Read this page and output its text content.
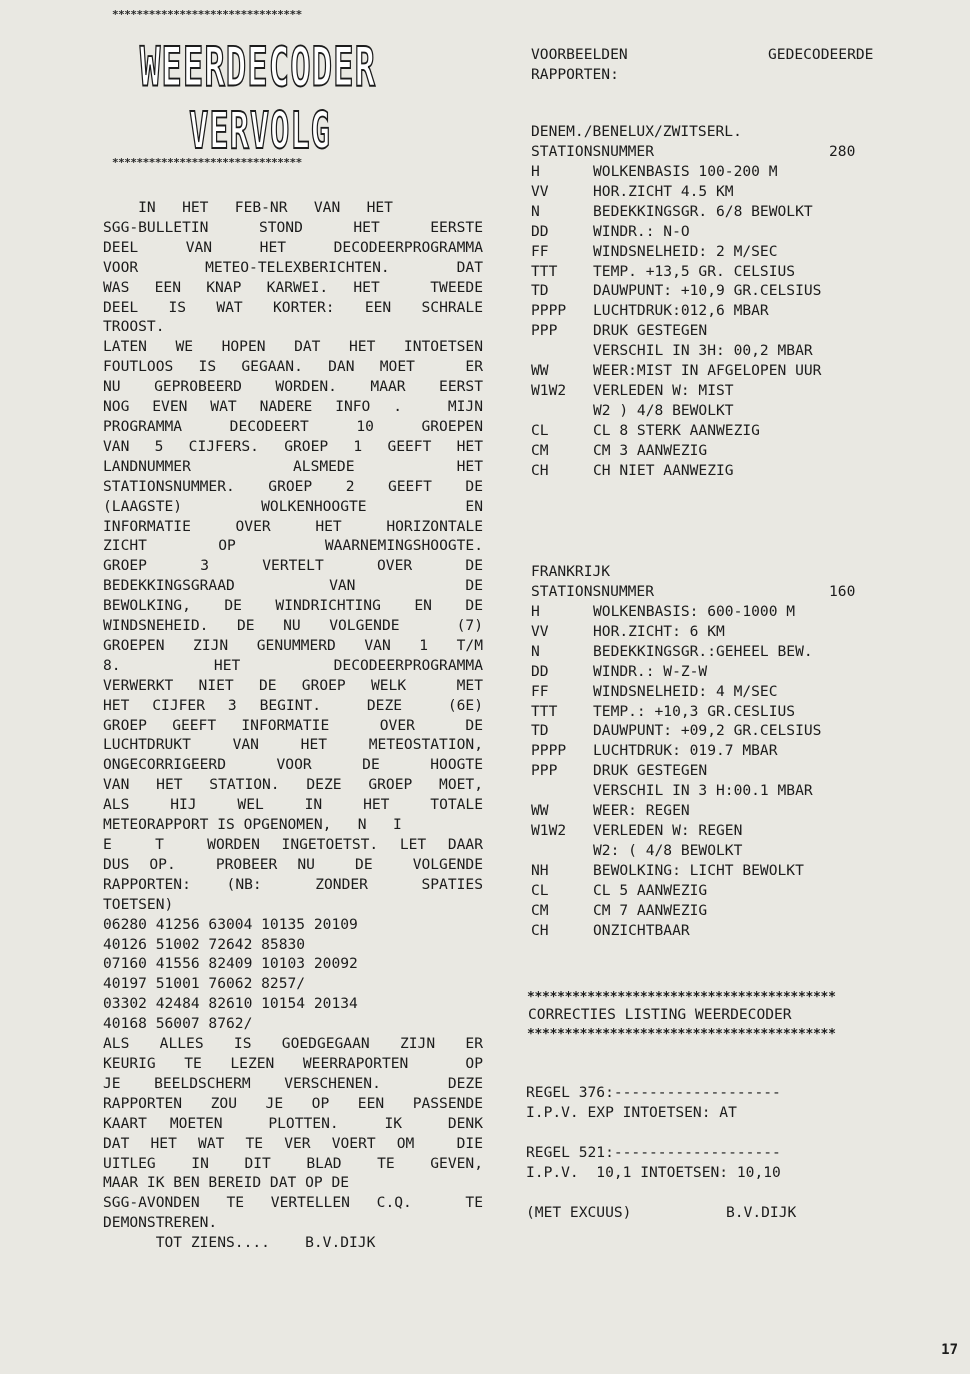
*******************************
WEERDECODER
VERVOLG
*******************************
IN   HET   FEB-NR   VAN   HET
SGG-BULLETIN  STOND  HET  EERSTE
DEEL VAN HET DECODEERPROGRAMMA
VOOR  METEO-TELEXBERICHTEN.  DAT
WAS EEN KNAP KARWEI. HET  TWEEDE
DEEL IS WAT KORTER: EEN SCHRALE
TROOST.
LATEN WE HOPEN DAT HET INTOETSEN
FOUTLOOS IS GEGAAN. DAN MOET  ER
NU GEPROBEERD WORDEN. MAAR EERST
NOG EVEN WAT NADERE INFO .  MIJN
PROGRAMMA DECODEERT 10 GROEPEN
VAN 5 CIJFERS. GROEP 1 GEEFT HET
LANDNUMMER      ALSMEDE      HET
STATIONSNUMMER. GROEP 2 GEEFT DE
(LAAGSTE)    WOLKENHOOGTE     EN
INFORMATIE OVER HET HORIZONTALE
ZICHT    OP     WAARNEMINGSHOOGTE.
GROEP    3    VERTELT    OVER    DE
BEDEKKINGSGRAAD      VAN       DE
BEWOLKING, DE WINDRICHTING EN DE
WINDSNEHEID. DE NU VOLGENDE  (7)
GROEPEN ZIJN GENUMMERD VAN 1 T/M
8.     HET     DECODEERPROGRAMMA
VERWERKT NIET DE GROEP WELK  MET
HET CIJFER 3 BEGINT.  DEZE  (6E)
GROEP GEEFT INFORMATIE  OVER  DE
LUCHTDRUKT VAN HET METEOSTATION,
ONGECORRIGEERD  VOOR  DE  HOOGTE
VAN HET STATION. DEZE GROEP MOET,
ALS HIJ WEL IN HET TOTALE
METEORAPPORT IS OPGENOMEN,   N   I
E  T  WORDEN INGETOETST. LET DAAR
DUS OP.  PROBEER NU  DE  VOLGENDE
RAPPORTEN:  (NB:   ZONDER   SPATIES
TOETSEN)
06280 41256 63004 10135 20109
40126 51002 72642 85830
07160 41556 82409 10103 20092
40197 51001 76062 8257/
03302 42484 82610 10154 20134
40168 56007 8762/
ALS ALLES IS GOEDGEGAAN ZIJN ER
KEURIG TE LEZEN WEERRAPORTEN  OP
JE BEELDSCHERM VERSCHENEN.  DEZE
RAPPORTEN ZOU JE OP EEN PASSENDE
KAART MOETEN  PLOTTEN.  IK  DENK
DAT HET WAT TE VER VOERT OM  DIE
UITLEG  IN  DIT  BLAD  TE  GEVEN,
MAAR IK BEN BEREID DAT OP DE
SGG-AVONDEN TE VERTELLEN C.Q.  TE
DEMONSTREREN.
TOT ZIENS....    B.V.DIJK
VOORBEELDEN	GEDECODEERDE
RAPPORTEN:
DENEM./BENELUX/ZWITSERL.
STATIONSNUMMER	280
H	WOLKENBASIS 100-200 M
VV	HOR.ZICHT 4.5 KM
N	BEDEKKINGSGR. 6/8 BEWOLKT
DD	WINDR.: N-O
FF	WINDSNELHEID: 2 M/SEC
TTT TEMP. +13,5 GR. CELSIUS
TD	DAUWPUNT: +10,9 GR.CELSIUS
PPPP LUCHTDRUK:012,6 MBAR
PPP DRUK GESTEGEN
VERSCHIL IN 3H: 00,2 MBAR
WW	WEER:MIST IN AFGELOPEN UUR
W1W2 VERLEDEN W: MIST
W2 ) 4/8 BEWOLKT
CL	CL 8 STERK AANWEZIG
CM	CM 3 AANWEZIG
CH	CH NIET AANWEZIG
FRANKRIJK
STATIONSNUMMER	160
H	WOLKENBASIS: 600-1000 M
VV	HOR.ZICHT: 6 KM
N	BEDEKKINGSGR.:GEHEEL BEW.
DD	WINDR.: W-Z-W
FF	WINDSNELHEID: 4 M/SEC
TTT TEMP.: +10,3 GR.CESLIUS
TD	DAUWPUNT: +09,2 GR.CELSIUS
PPPP LUCHTDRUK: 019.7 MBAR
PPP DRUK GESTEGEN
VERSCHIL IN 3 H:00.1 MBAR
WW	WEER: REGEN
W1W2 VERLEDEN W: REGEN
W2: ( 4/8 BEWOLKT
NH	BEWOLKING: LICHT BEWOLKT
CL	CL 5 AANWEZIG
CM	CM 7 AANWEZIG
CH	ONZICHTBAAR
*****************************************
CORRECTIES LISTING WEERDECODER
*****************************************
REGEL 376:-------------------
I.P.V. EXP INTOETSEN: AT
REGEL 521:-------------------
I.P.V.  10,1 INTOETSEN: 10,10
(MET EXCUUS)	B.V.DIJK
17
